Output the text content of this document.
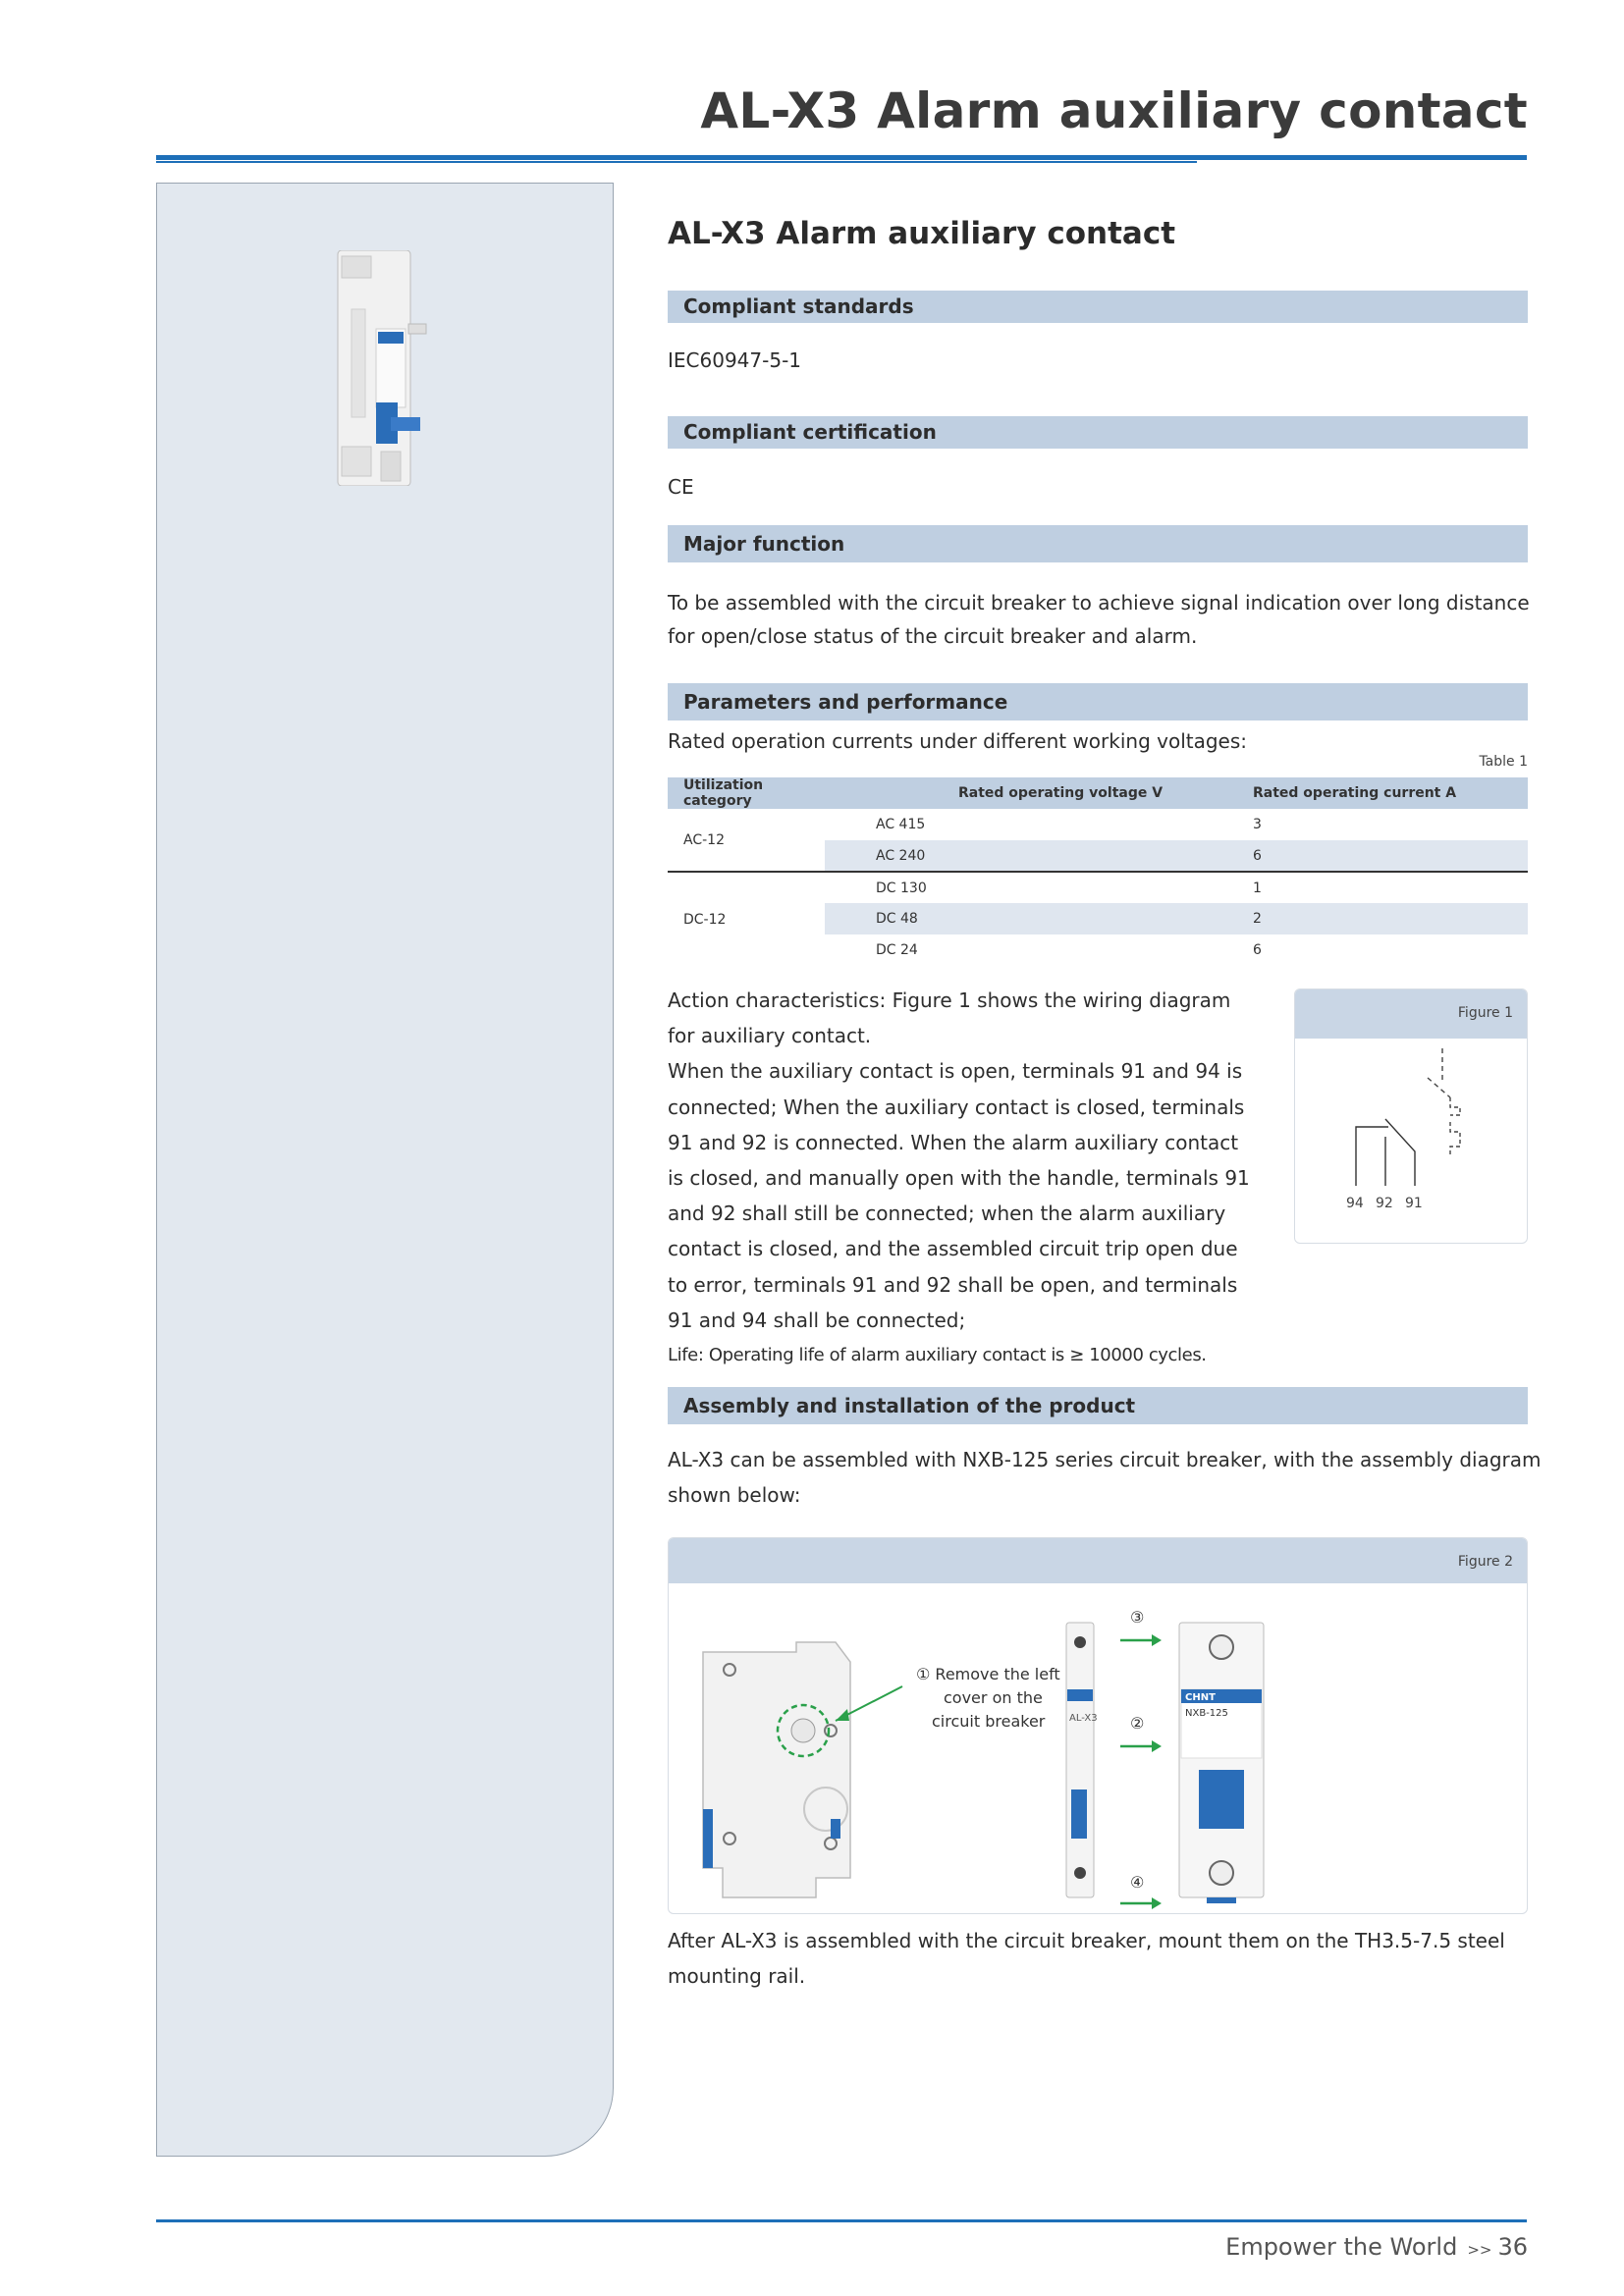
AL-X3 Alarm auxiliary contact
AL-X3 Alarm auxiliary contact
Compliant standards
IEC60947-5-1
Compliant certification
CE
Major function
To be assembled with the circuit breaker to achieve signal indication over long distance
for open/close status of the circuit breaker and alarm.
Parameters and performance
Rated operation currents under different working voltages:
Table 1
Utilization category	Rated operating voltage V	Rated operating current A
AC-12	AC 415	3
	AC 240	6
DC-12	DC 130	1
	DC 48	2
	DC 24	6
Action characteristics: Figure 1 shows the wiring diagram
for auxiliary contact.
When the auxiliary contact is open, terminals 91 and 94 is
connected; When the auxiliary contact is closed, terminals
91 and 92 is connected. When the alarm auxiliary contact
is closed, and manually open with the handle, terminals 91
and 92 shall still be connected; when the alarm auxiliary
contact is closed, and the assembled circuit trip open due
to error, terminals 91 and 92 shall be open, and terminals
91 and 94 shall be connected;
Life: Operating life of alarm auxiliary contact is ≥ 10000 cycles.
Figure 1
94 92 91
Assembly and installation of the product
AL-X3 can be assembled with NXB-125 series circuit breaker, with the assembly diagram
shown below:
Figure 2
① Remove the left
cover on the
circuit breaker AL-X3
③
②
④
CHNT
NXB-125
After AL-X3 is assembled with the circuit breaker, mount them on the TH3.5-7.5 steel
mounting rail.
Empower the World >> 36
